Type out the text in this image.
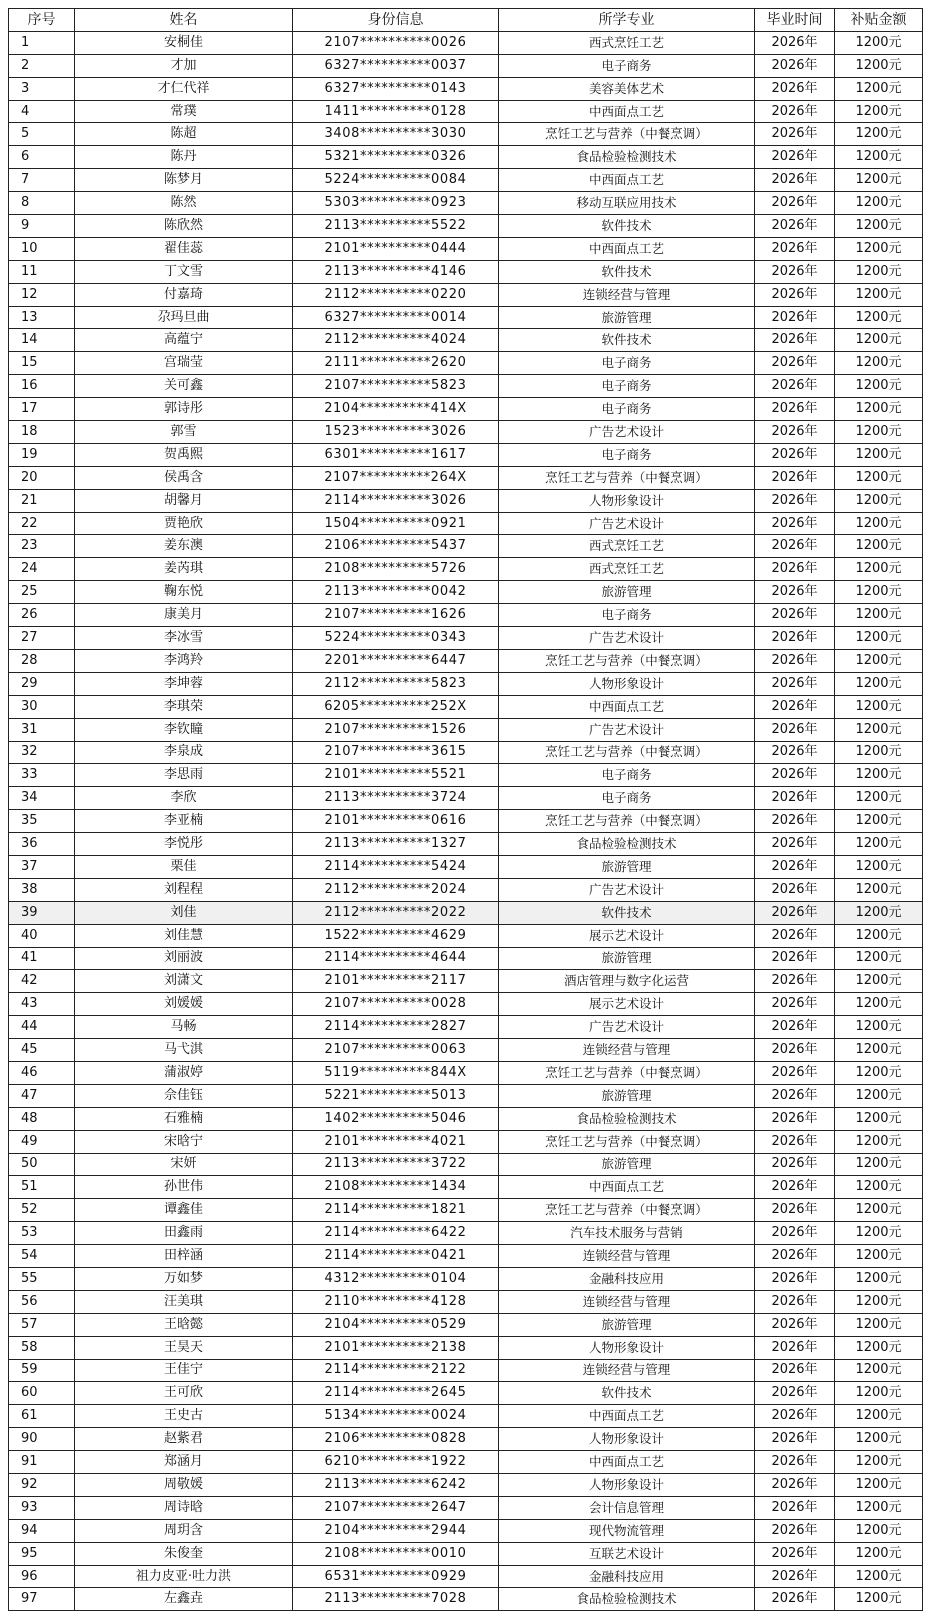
序号	姓名	身份信息	所学专业	毕业时间	补贴金额
1	安桐佳	2107**********0026	西式烹饪工艺	2026年	1200元
2	才加	6327**********0037	电子商务	2026年	1200元
3	才仁代祥	6327**********0143	美容美体艺术	2026年	1200元
4	常璞	1411**********0128	中西面点工艺	2026年	1200元
5	陈超	3408**********3030	烹饪工艺与营养（中餐烹调）	2026年	1200元
6	陈丹	5321**********0326	食品检验检测技术	2026年	1200元
7	陈梦月	5224**********0084	中西面点工艺	2026年	1200元
8	陈然	5303**********0923	移动互联应用技术	2026年	1200元
9	陈欣然	2113**********5522	软件技术	2026年	1200元
10	翟佳蕊	2101**********0444	中西面点工艺	2026年	1200元
11	丁文雪	2113**********4146	软件技术	2026年	1200元
12	付嘉琦	2112**********0220	连锁经营与管理	2026年	1200元
13	尕玛旦曲	6327**********0014	旅游管理	2026年	1200元
14	高蕴宁	2112**********4024	软件技术	2026年	1200元
15	宫瑞莹	2111**********2620	电子商务	2026年	1200元
16	关可鑫	2107**********5823	电子商务	2026年	1200元
17	郭诗彤	2104**********414X	电子商务	2026年	1200元
18	郭雪	1523**********3026	广告艺术设计	2026年	1200元
19	贺禹熙	6301**********1617	电子商务	2026年	1200元
20	侯禹含	2107**********264X	烹饪工艺与营养（中餐烹调）	2026年	1200元
21	胡馨月	2114**********3026	人物形象设计	2026年	1200元
22	贾艳欣	1504**********0921	广告艺术设计	2026年	1200元
23	姜东澳	2106**********5437	西式烹饪工艺	2026年	1200元
24	姜芮琪	2108**********5726	西式烹饪工艺	2026年	1200元
25	鞠东悦	2113**********0042	旅游管理	2026年	1200元
26	康美月	2107**********1626	电子商务	2026年	1200元
27	李冰雪	5224**********0343	广告艺术设计	2026年	1200元
28	李鸿羚	2201**********6447	烹饪工艺与营养（中餐烹调）	2026年	1200元
29	李坤蓉	2112**********5823	人物形象设计	2026年	1200元
30	李琪荣	6205**********252X	中西面点工艺	2026年	1200元
31	李钦瞳	2107**********1526	广告艺术设计	2026年	1200元
32	李泉成	2107**********3615	烹饪工艺与营养（中餐烹调）	2026年	1200元
33	李思雨	2101**********5521	电子商务	2026年	1200元
34	李欣	2113**********3724	电子商务	2026年	1200元
35	李亚楠	2101**********0616	烹饪工艺与营养（中餐烹调）	2026年	1200元
36	李悦彤	2113**********1327	食品检验检测技术	2026年	1200元
37	栗佳	2114**********5424	旅游管理	2026年	1200元
38	刘程程	2112**********2024	广告艺术设计	2026年	1200元
39	刘佳	2112**********2022	软件技术	2026年	1200元
40	刘佳慧	1522**********4629	展示艺术设计	2026年	1200元
41	刘丽波	2114**********4644	旅游管理	2026年	1200元
42	刘潇文	2101**********2117	酒店管理与数字化运营	2026年	1200元
43	刘媛媛	2107**********0028	展示艺术设计	2026年	1200元
44	马畅	2114**********2827	广告艺术设计	2026年	1200元
45	马弋淇	2107**********0063	连锁经营与管理	2026年	1200元
46	蒲淑婷	5119**********844X	烹饪工艺与营养（中餐烹调）	2026年	1200元
47	佘佳钰	5221**********5013	旅游管理	2026年	1200元
48	石雅楠	1402**********5046	食品检验检测技术	2026年	1200元
49	宋晗宁	2101**********4021	烹饪工艺与营养（中餐烹调）	2026年	1200元
50	宋妍	2113**********3722	旅游管理	2026年	1200元
51	孙世伟	2108**********1434	中西面点工艺	2026年	1200元
52	谭鑫佳	2114**********1821	烹饪工艺与营养（中餐烹调）	2026年	1200元
53	田鑫雨	2114**********6422	汽车技术服务与营销	2026年	1200元
54	田梓涵	2114**********0421	连锁经营与管理	2026年	1200元
55	万如梦	4312**********0104	金融科技应用	2026年	1200元
56	汪美琪	2110**********4128	连锁经营与管理	2026年	1200元
57	王晗懿	2104**********0529	旅游管理	2026年	1200元
58	王昊天	2101**********2138	人物形象设计	2026年	1200元
59	王佳宁	2114**********2122	连锁经营与管理	2026年	1200元
60	王可欣	2114**********2645	软件技术	2026年	1200元
61	王史古	5134**********0024	中西面点工艺	2026年	1200元
90	赵紫君	2106**********0828	人物形象设计	2026年	1200元
91	郑涵月	6210**********1922	中西面点工艺	2026年	1200元
92	周敬媛	2113**********6242	人物形象设计	2026年	1200元
93	周诗晗	2107**********2647	会计信息管理	2026年	1200元
94	周玥含	2104**********2944	现代物流管理	2026年	1200元
95	朱俊奎	2108**********0010	互联艺术设计	2026年	1200元
96	祖力皮亚·吐力洪	6531**********0929	金融科技应用	2026年	1200元
97	左鑫垚	2113**********7028	食品检验检测技术	2026年	1200元
